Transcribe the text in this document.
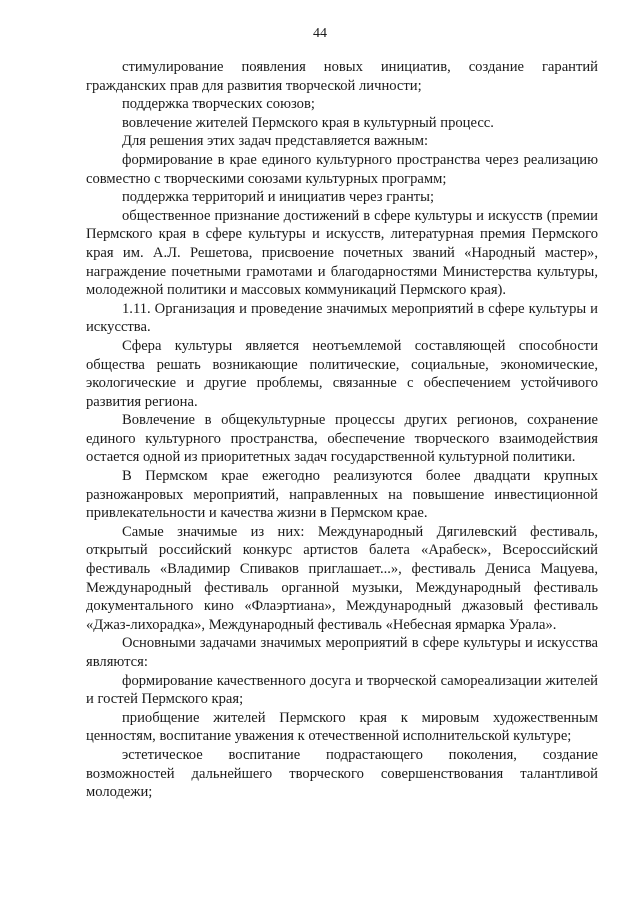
44

стимулирование появления новых инициатив, создание гарантий гражданских прав для развития творческой личности;

поддержка творческих союзов;

вовлечение жителей Пермского края в культурный процесс.

Для решения этих задач представляется важным:

формирование в крае единого культурного пространства через реализацию совместно с творческими союзами культурных программ;

поддержка территорий и инициатив через гранты;

общественное признание достижений в сфере культуры и искусств (премии Пермского края в сфере культуры и искусств, литературная премия Пермского края им. А.Л. Решетова, присвоение почетных званий «Народный мастер», награждение почетными грамотами и благодарностями Министерства культуры, молодежной политики и массовых коммуникаций Пермского края).

1.11. Организация и проведение значимых мероприятий в сфере культуры и искусства.

Сфера культуры является неотъемлемой составляющей способности общества решать возникающие политические, социальные, экономические, экологические и другие проблемы, связанные с обеспечением устойчивого развития региона.

Вовлечение в общекультурные процессы других регионов, сохранение единого культурного пространства, обеспечение творческого взаимодействия остается одной из приоритетных задач государственной культурной политики.

В Пермском крае ежегодно реализуются более двадцати крупных разножанровых мероприятий, направленных на повышение инвестиционной привлекательности и качества жизни в Пермском крае.

Самые значимые из них: Международный Дягилевский фестиваль, открытый российский конкурс артистов балета «Арабеск», Всероссийский фестиваль «Владимир Спиваков приглашает...», фестиваль Дениса Мацуева, Международный фестиваль органной музыки, Международный фестиваль документального кино «Флаэртиана», Международный джазовый фестиваль «Джаз-лихорадка», Международный фестиваль «Небесная ярмарка Урала».

Основными задачами значимых мероприятий в сфере культуры и искусства являются:

формирование качественного досуга и творческой самореализации жителей и гостей Пермского края;

приобщение жителей Пермского края к мировым художественным ценностям, воспитание уважения к отечественной исполнительской культуре;

эстетическое воспитание подрастающего поколения, создание возможностей дальнейшего творческого совершенствования талантливой молодежи;
